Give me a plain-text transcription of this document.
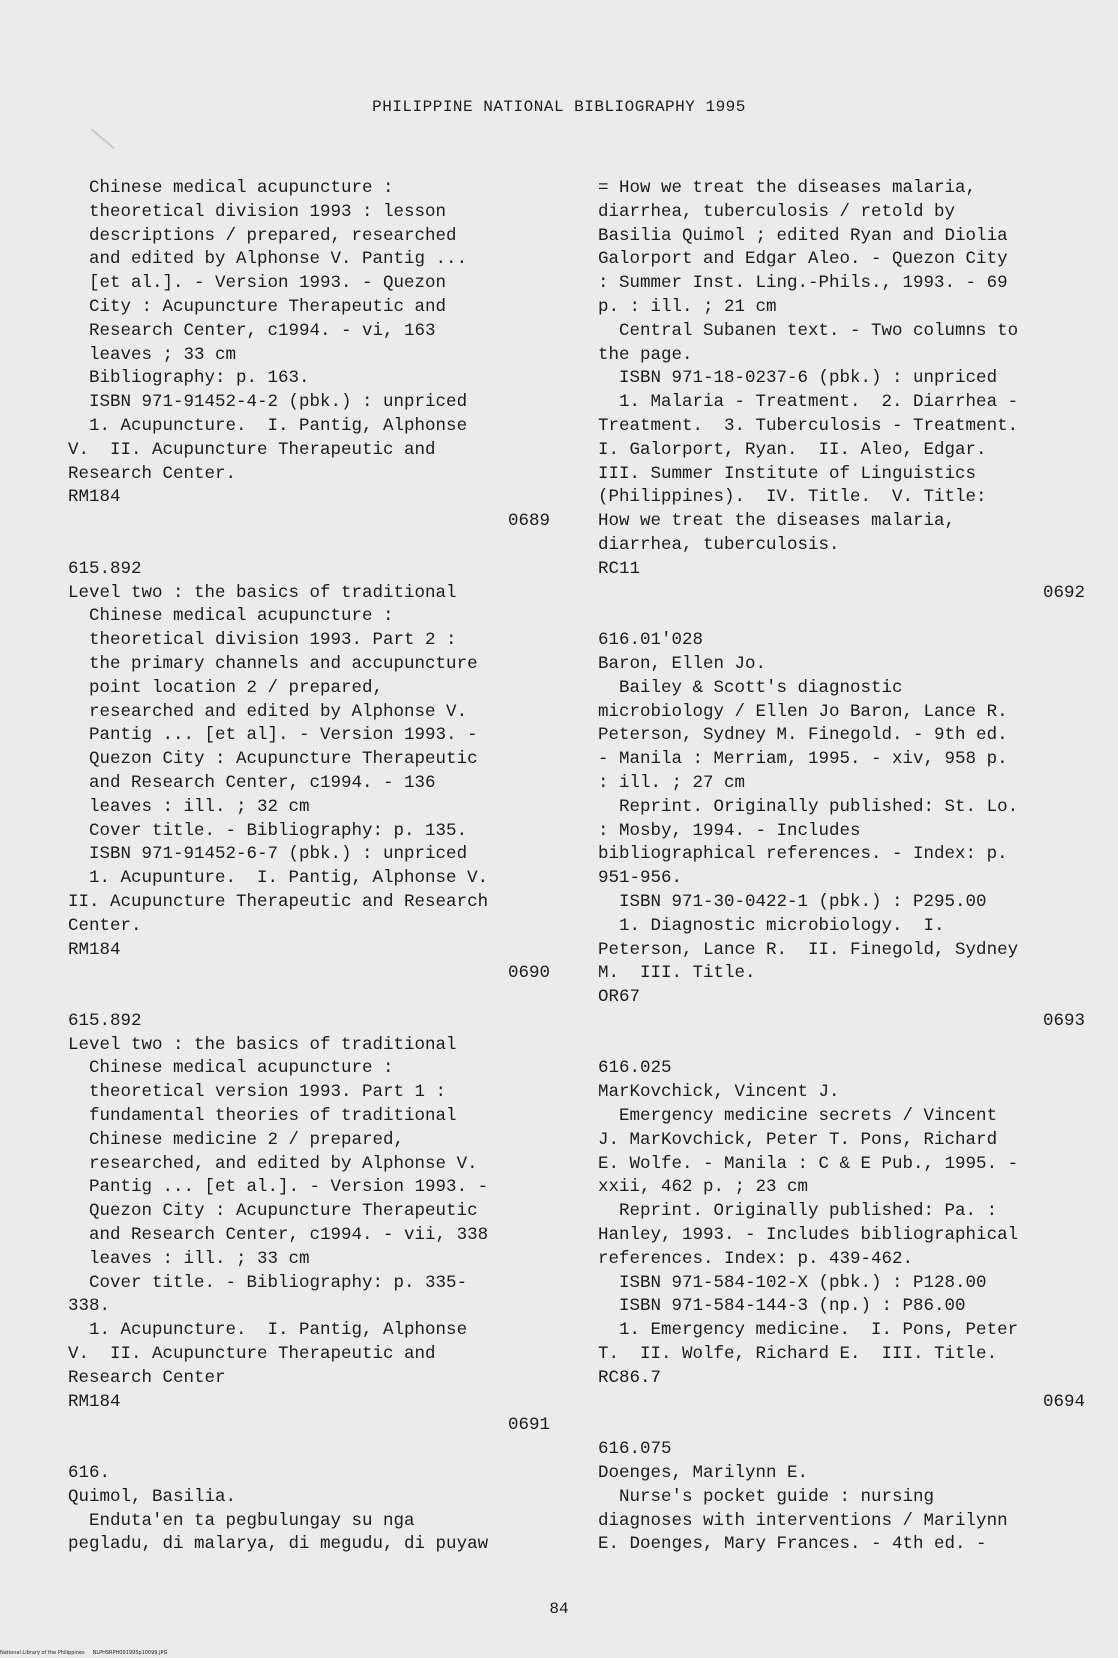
PHILIPPINE NATIONAL BIBLIOGRAPHY 1995
Chinese medical acupuncture :
theoretical division 1993 : lesson
descriptions / prepared, researched
and edited by Alphonse V. Pantig ...
[et al.]. - Version 1993. - Quezon
City : Acupuncture Therapeutic and
Research Center, c1994. - vi, 163
leaves ; 33 cm
Bibliography: p. 163.
ISBN 971-91452-4-2 (pbk.) : unpriced
1. Acupuncture.  I. Pantig, Alphonse
V.  II. Acupuncture Therapeutic and
Research Center.
RM184
0689
615.892
Level two : the basics of traditional
Chinese medical acupuncture :
theoretical division 1993. Part 2 :
the primary channels and accupuncture
point location 2 / prepared,
researched and edited by Alphonse V.
Pantig ... [et al]. - Version 1993. -
Quezon City : Acupuncture Therapeutic
and Research Center, c1994. - 136
leaves : ill. ; 32 cm
Cover title. - Bibliography: p. 135.
ISBN 971-91452-6-7 (pbk.) : unpriced
1. Acupunture.  I. Pantig, Alphonse V.
II. Acupuncture Therapeutic and Research
Center.
RM184
0690
615.892
Level two : the basics of traditional
Chinese medical acupuncture :
theoretical version 1993. Part 1 :
fundamental theories of traditional
Chinese medicine 2 / prepared,
researched, and edited by Alphonse V.
Pantig ... [et al.]. - Version 1993. -
Quezon City : Acupuncture Therapeutic
and Research Center, c1994. - vii, 338
leaves : ill. ; 33 cm
Cover title. - Bibliography: p. 335-
338.
1. Acupuncture.  I. Pantig, Alphonse
V.  II. Acupuncture Therapeutic and
Research Center
RM184
0691
616.
Quimol, Basilia.
Enduta'en ta pegbulungay su nga
pegladu, di malarya, di megudu, di puyaw
= How we treat the diseases malaria,
diarrhea, tuberculosis / retold by
Basilia Quimol ; edited Ryan and Diolia
Galorport and Edgar Aleo. - Quezon City
: Summer Inst. Ling.-Phils., 1993. - 69
p. : ill. ; 21 cm
Central Subanen text. - Two columns to
the page.
ISBN 971-18-0237-6 (pbk.) : unpriced
1. Malaria - Treatment.  2. Diarrhea -
Treatment.  3. Tuberculosis - Treatment.
I. Galorport, Ryan.  II. Aleo, Edgar.
III. Summer Institute of Linguistics
(Philippines).  IV. Title.  V. Title:
How we treat the diseases malaria,
diarrhea, tuberculosis.
RC11
0692
616.01'028
Baron, Ellen Jo.
Bailey & Scott's diagnostic
microbiology / Ellen Jo Baron, Lance R.
Peterson, Sydney M. Finegold. - 9th ed.
- Manila : Merriam, 1995. - xiv, 958 p.
: ill. ; 27 cm
Reprint. Originally published: St. Lo.
: Mosby, 1994. - Includes
bibliographical references. - Index: p.
951-956.
ISBN 971-30-0422-1 (pbk.) : P295.00
1. Diagnostic microbiology.  I.
Peterson, Lance R.  II. Finegold, Sydney
M.  III. Title.
OR67
0693
616.025
MarKovchick, Vincent J.
Emergency medicine secrets / Vincent
J. MarKovchick, Peter T. Pons, Richard
E. Wolfe. - Manila : C & E Pub., 1995. -
xxii, 462 p. ; 23 cm
Reprint. Originally published: Pa. :
Hanley, 1993. - Includes bibliographical
references. Index: p. 439-462.
ISBN 971-584-102-X (pbk.) : P128.00
ISBN 971-584-144-3 (np.) : P86.00
1. Emergency medicine.  I. Pons, Peter
T.  II. Wolfe, Richard E.  III. Title.
RC86.7
0694
616.075
Doenges, Marilynn E.
Nurse's pocket guide : nursing
diagnoses with interventions / Marilynn
E. Doenges, Mary Frances. - 4th ed. -
84
National Library of the Philippines     NLPHSRPH091995p10099.JPG
